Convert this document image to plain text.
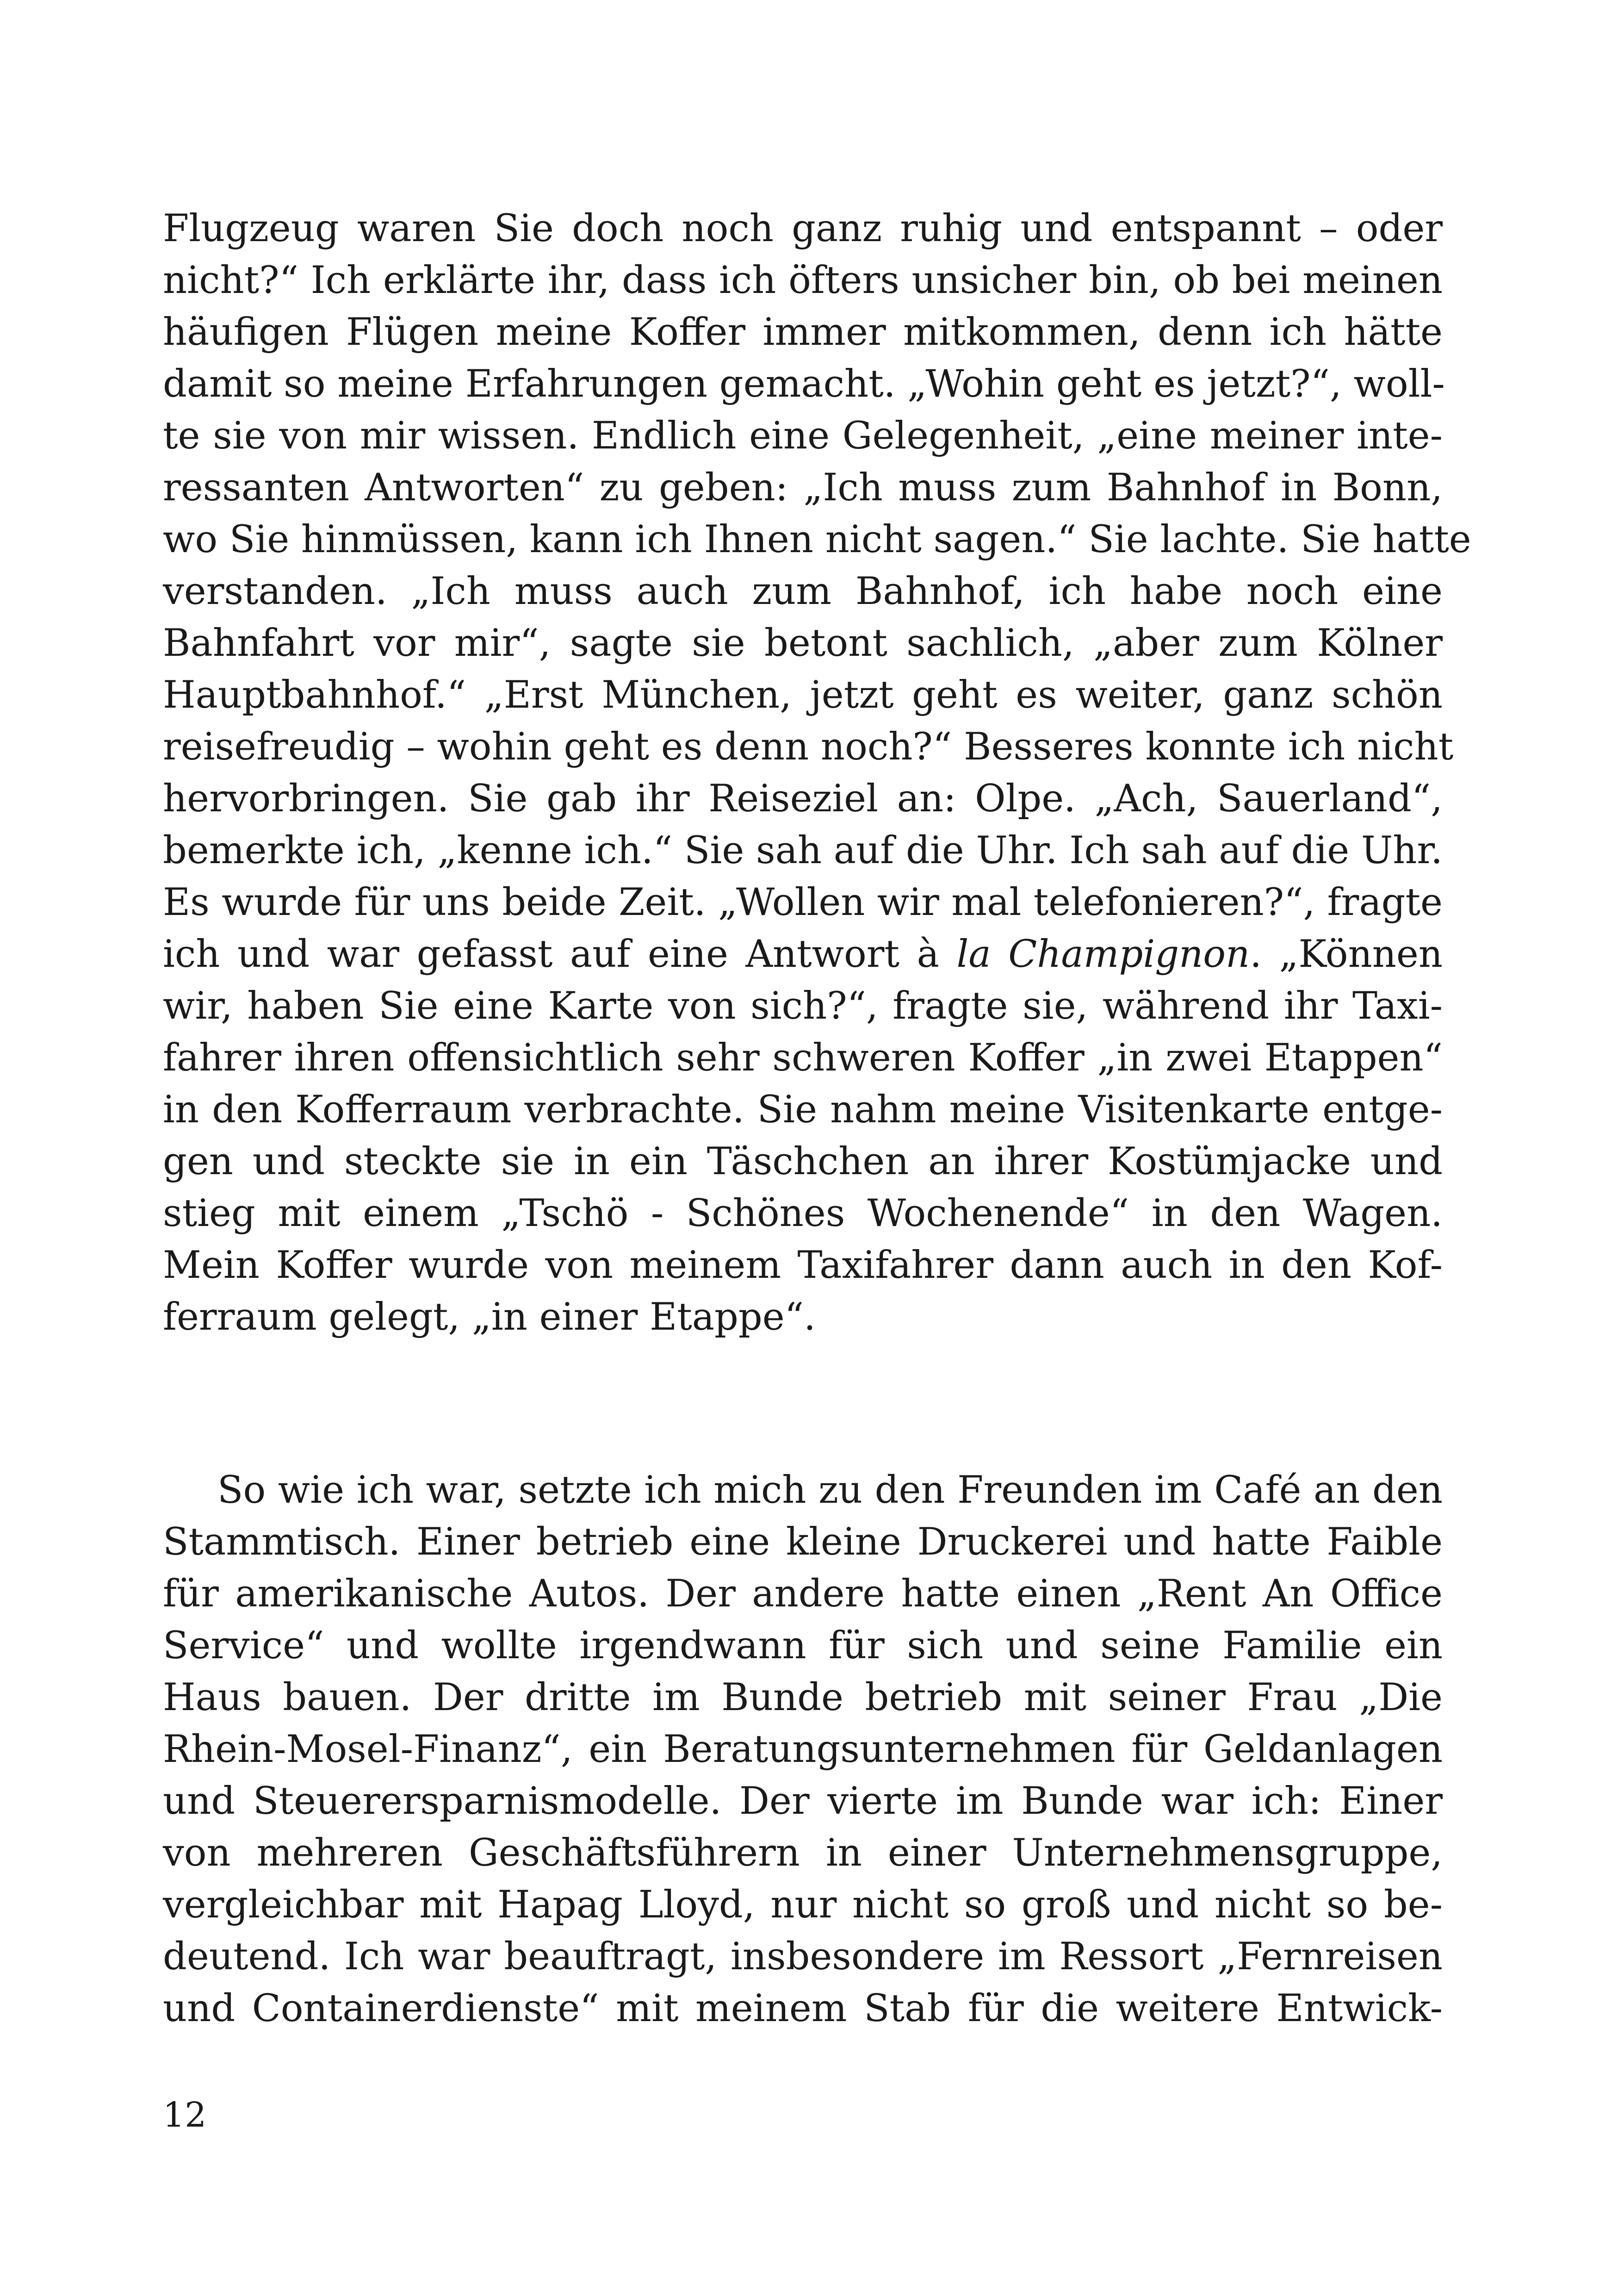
Flugzeug waren Sie doch noch ganz ruhig und entspannt – oder
nicht?“ Ich erklärte ihr, dass ich öfters unsicher bin, ob bei meinen
häufigen Flügen meine Koffer immer mitkommen, denn ich hätte
damit so meine Erfahrungen gemacht. „Wohin geht es jetzt?“, woll-
te sie von mir wissen. Endlich eine Gelegenheit, „eine meiner inte-
ressanten Antworten“ zu geben: „Ich muss zum Bahnhof in Bonn,
wo Sie hinmüssen, kann ich Ihnen nicht sagen.“ Sie lachte. Sie hatte
verstanden. „Ich muss auch zum Bahnhof, ich habe noch eine
Bahnfahrt vor mir“, sagte sie betont sachlich, „aber zum Kölner
Hauptbahnhof.“ „Erst München, jetzt geht es weiter, ganz schön
reisefreudig – wohin geht es denn noch?“ Besseres konnte ich nicht
hervorbringen. Sie gab ihr Reiseziel an: Olpe. „Ach, Sauerland“,
bemerkte ich, „kenne ich.“ Sie sah auf die Uhr. Ich sah auf die Uhr.
Es wurde für uns beide Zeit. „Wollen wir mal telefonieren?“, fragte
ich und war gefasst auf eine Antwort à la Champignon. „Können
wir, haben Sie eine Karte von sich?“, fragte sie, während ihr Taxi-
fahrer ihren offensichtlich sehr schweren Koffer „in zwei Etappen“
in den Kofferraum verbrachte. Sie nahm meine Visitenkarte entge-
gen und steckte sie in ein Täschchen an ihrer Kostümjacke und
stieg mit einem „Tschö - Schönes Wochenende“ in den Wagen.
Mein Koffer wurde von meinem Taxifahrer dann auch in den Kof-
ferraum gelegt, „in einer Etappe“.
So wie ich war, setzte ich mich zu den Freunden im Café an den
Stammtisch. Einer betrieb eine kleine Druckerei und hatte Faible
für amerikanische Autos. Der andere hatte einen „Rent An Office
Service“ und wollte irgendwann für sich und seine Familie ein
Haus bauen. Der dritte im Bunde betrieb mit seiner Frau „Die
Rhein-Mosel-Finanz“, ein Beratungsunternehmen für Geldanlagen
und Steuerersparnismodelle. Der vierte im Bunde war ich: Einer
von mehreren Geschäftsführern in einer Unternehmensgruppe,
vergleichbar mit Hapag Lloyd, nur nicht so groß und nicht so be-
deutend. Ich war beauftragt, insbesondere im Ressort „Fernreisen
und Containerdienste“ mit meinem Stab für die weitere Entwick-
12
